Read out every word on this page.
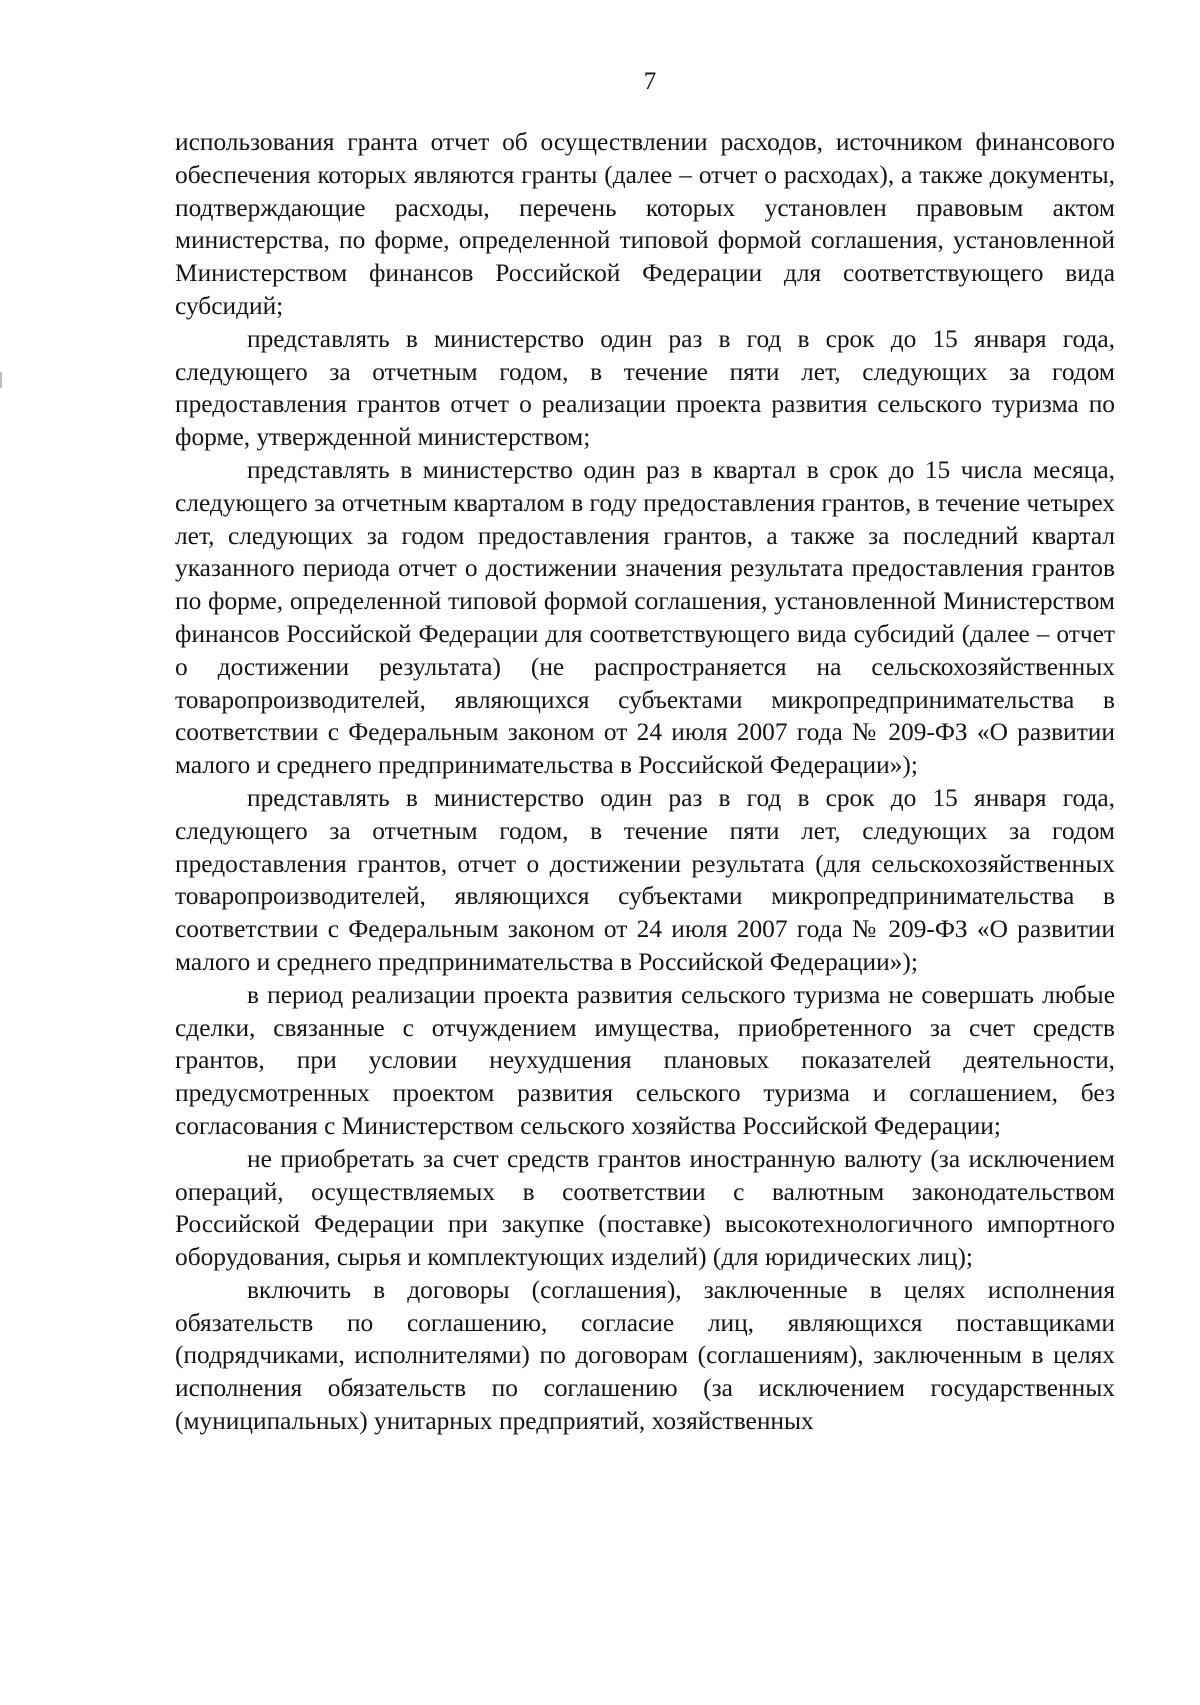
7

использования гранта отчет об осуществлении расходов, источником финансового обеспечения которых являются гранты (далее – отчет о расходах), а также документы, подтверждающие расходы, перечень которых установлен правовым актом министерства, по форме, определенной типовой формой соглашения, установленной Министерством финансов Российской Федерации для соответствующего вида субсидий;

представлять в министерство один раз в год в срок до 15 января года, следующего за отчетным годом, в течение пяти лет, следующих за годом предоставления грантов отчет о реализации проекта развития сельского туризма по форме, утвержденной министерством;

представлять в министерство один раз в квартал в срок до 15 числа месяца, следующего за отчетным кварталом в году предоставления грантов, в течение четырех лет, следующих за годом предоставления грантов, а также за последний квартал указанного периода отчет о достижении значения результата предоставления грантов по форме, определенной типовой формой соглашения, установленной Министерством финансов Российской Федерации для соответствующего вида субсидий (далее – отчет о достижении результата) (не распространяется на сельскохозяйственных товаропроизводителей, являющихся субъектами микропредпринимательства в соответствии с Федеральным законом от 24 июля 2007 года № 209-ФЗ «О развитии малого и среднего предпринимательства в Российской Федерации»);

представлять в министерство один раз в год в срок до 15 января года, следующего за отчетным годом, в течение пяти лет, следующих за годом предоставления грантов, отчет о достижении результата (для сельскохозяйственных товаропроизводителей, являющихся субъектами микропредпринимательства в соответствии с Федеральным законом от 24 июля 2007 года № 209-ФЗ «О развитии малого и среднего предпринимательства в Российской Федерации»);

в период реализации проекта развития сельского туризма не совершать любые сделки, связанные с отчуждением имущества, приобретенного за счет средств грантов, при условии неухудшения плановых показателей деятельности, предусмотренных проектом развития сельского туризма и соглашением, без согласования с Министерством сельского хозяйства Российской Федерации;

не приобретать за счет средств грантов иностранную валюту (за исключением операций, осуществляемых в соответствии с валютным законодательством Российской Федерации при закупке (поставке) высокотехнологичного импортного оборудования, сырья и комплектующих изделий) (для юридических лиц);

включить в договоры (соглашения), заключенные в целях исполнения обязательств по соглашению, согласие лиц, являющихся поставщиками (подрядчиками, исполнителями) по договорам (соглашениям), заключенным в целях исполнения обязательств по соглашению (за исключением государственных (муниципальных) унитарных предприятий, хозяйственных
